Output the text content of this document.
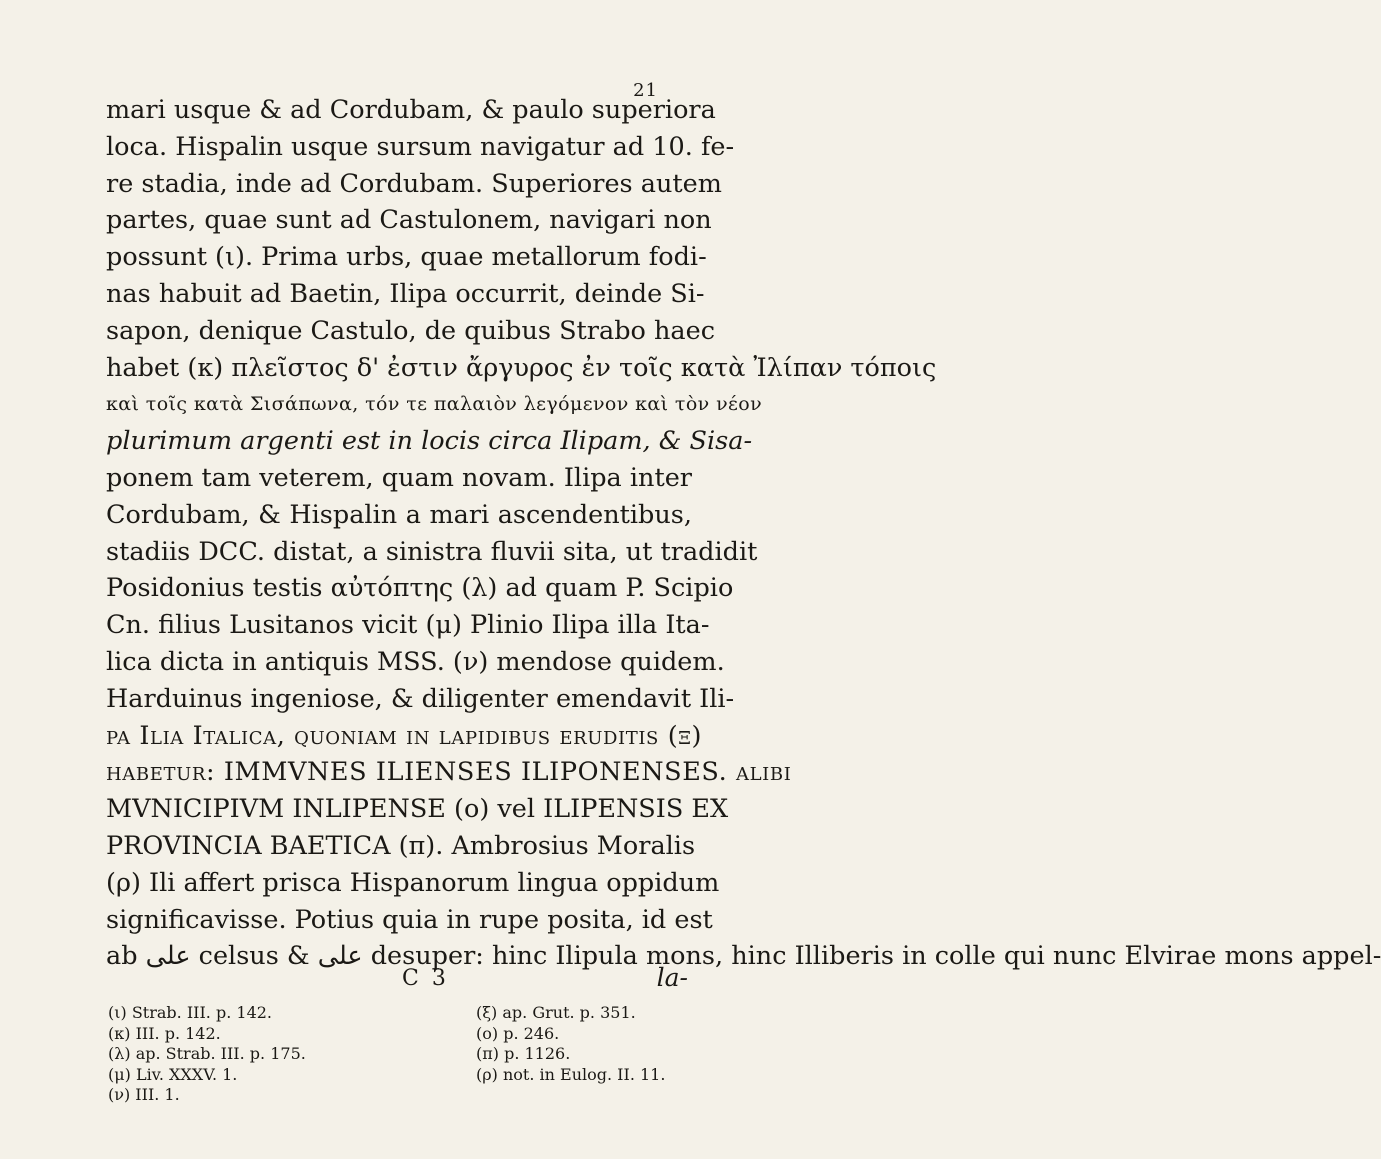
21
mari usque & ad Cordubam, & paulo superiora
loca. Hispalin usque sursum navigatur ad 10. fe-
re stadia, inde ad Cordubam. Superiores autem
partes, quae sunt ad Castulonem, navigari non
possunt (ι). Prima urbs, quae metallorum fodi-
nas habuit ad Baetin, Ilipa occurrit, deinde Si-
sapon, denique Castulo, de quibus Strabo haec
habet (κ) πλεῖστος δ' ἐστιν ἄργυρος ἐν τοῖς κατὰ Ἰλίπαν τόποις
καὶ τοῖς κατὰ Σισάπωνα, τόν τε παλαιὸν λεγόμενον καὶ τὸν νέον
plurimum argenti est in locis circa Ilipam, & Sisa-
ponem tam veterem, quam novam. Ilipa inter
Cordubam, & Hispalin a mari ascendentibus,
stadiis DCC. distat, a sinistra fluvii sita, ut tradidit
Posidonius testis αὐτόπτης (λ) ad quam P. Scipio
Cn. filius Lusitanos vicit (μ) Plinio Ilipa illa Ita-
lica dicta in antiquis MSS. (ν) mendose quidem.
Harduinus ingeniose, & diligenter emendavit Ili-
pa Ilia Italica, quoniam in lapidibus eruditis (ξ)
habetur: IMMVNES ILIENSES ILIPONENSES. alibi
MVNICIPIVM INLIPENSE (ο) vel ILIPENSIS EX
PROVINCIA BAETICA (π). Ambrosius Moralis
(ρ) Ili affert prisca Hispanorum lingua oppidum
significavisse. Potius quia in rupe posita, id est
ab على celsus & على desuper: hinc Ilipula mons, hinc Illiberis in colle qui nunc Elvirae mons appel-
C 3	la-
(ι) Strab. III. p. 142.
(κ) III. p. 142.
(λ) ap. Strab. III. p. 175.
(μ) Liv. XXXV. 1.
(ν) III. 1.
(ξ) ap. Grut. p. 351.
(ο) p. 246.
(π) p. 1126.
(ρ) not. in Eulog. II. 11.
